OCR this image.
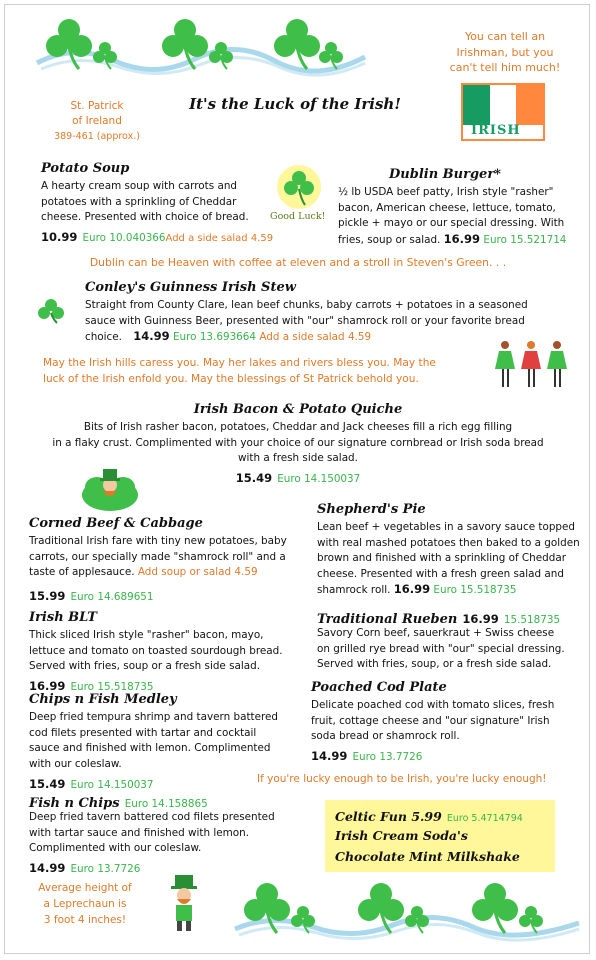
You can tell an
Irishman, but you
can't tell him much!
St. Patrick
of Ireland
389-461 (approx.)
It's the Luck of the Irish!
IRISH
Potato Soup
A hearty cream soup with carrots and
potatoes with a sprinkling of Cheddar
cheese. Presented with choice of bread.
10.99 Euro 10.040366Add a side salad 4.59
Good Luck!
Dublin Burger*
½ lb USDA beef patty, Irish style "rasher"
bacon, American cheese, lettuce, tomato,
pickle + mayo or our special dressing. With
fries, soup or salad. 16.99 Euro 15.521714
Dublin can be Heaven with coffee at eleven and a stroll in Steven's Green. . .
Conley's Guinness Irish Stew
Straight from County Clare, lean beef chunks, baby carrots + potatoes in a seasoned
sauce with Guinness Beer, presented with "our" shamrock roll or your favorite bread
choice. 14.99 Euro 13.693664 Add a side salad 4.59
May the Irish hills caress you. May her lakes and rivers bless you. May the
luck of the Irish enfold you. May the blessings of St Patrick behold you.
Irish Bacon & Potato Quiche
Bits of Irish rasher bacon, potatoes, Cheddar and Jack cheeses fill a rich egg filling
in a flaky crust. Complimented with your choice of our signature cornbread or Irish soda bread
with a fresh side salad.
15.49 Euro 14.150037
Corned Beef & Cabbage
Traditional Irish fare with tiny new potatoes, baby
carrots, our specially made "shamrock roll" and a
taste of applesauce. Add soup or salad 4.59
15.99 Euro 14.689651
Shepherd's Pie
Lean beef + vegetables in a savory sauce topped
with real mashed potatoes then baked to a golden
brown and finished with a sprinkling of Cheddar
cheese. Presented with a fresh green salad and
shamrock roll. 16.99 Euro 15.518735
Irish BLT
Thick sliced Irish style "rasher" bacon, mayo,
lettuce and tomato on toasted sourdough bread.
Served with fries, soup or a fresh side salad.
16.99 Euro 15.518735
Traditional Rueben 16.99 15.518735
Savory Corn beef, sauerkraut + Swiss cheese
on grilled rye bread with "our" special dressing.
Served with fries, soup, or a fresh side salad.
Chips n Fish Medley
Deep fried tempura shrimp and tavern battered
cod filets presented with tartar and cocktail
sauce and finished with lemon. Complimented
with our coleslaw.
15.49 Euro 14.150037
Poached Cod Plate
Delicate poached cod with tomato slices, fresh
fruit, cottage cheese and "our signature" Irish
soda bread or shamrock roll.
14.99 Euro 13.7726
If you're lucky enough to be Irish, you're lucky enough!
Fish n Chips Euro 14.158865
Deep fried tavern battered cod filets presented
with tartar sauce and finished with lemon.
Complimented with our coleslaw.
14.99 Euro 13.7726
Celtic Fun 5.99 Euro 5.4714794
Irish Cream Soda's
Chocolate Mint Milkshake
Average height of
a Leprechaun is
3 foot 4 inches!
